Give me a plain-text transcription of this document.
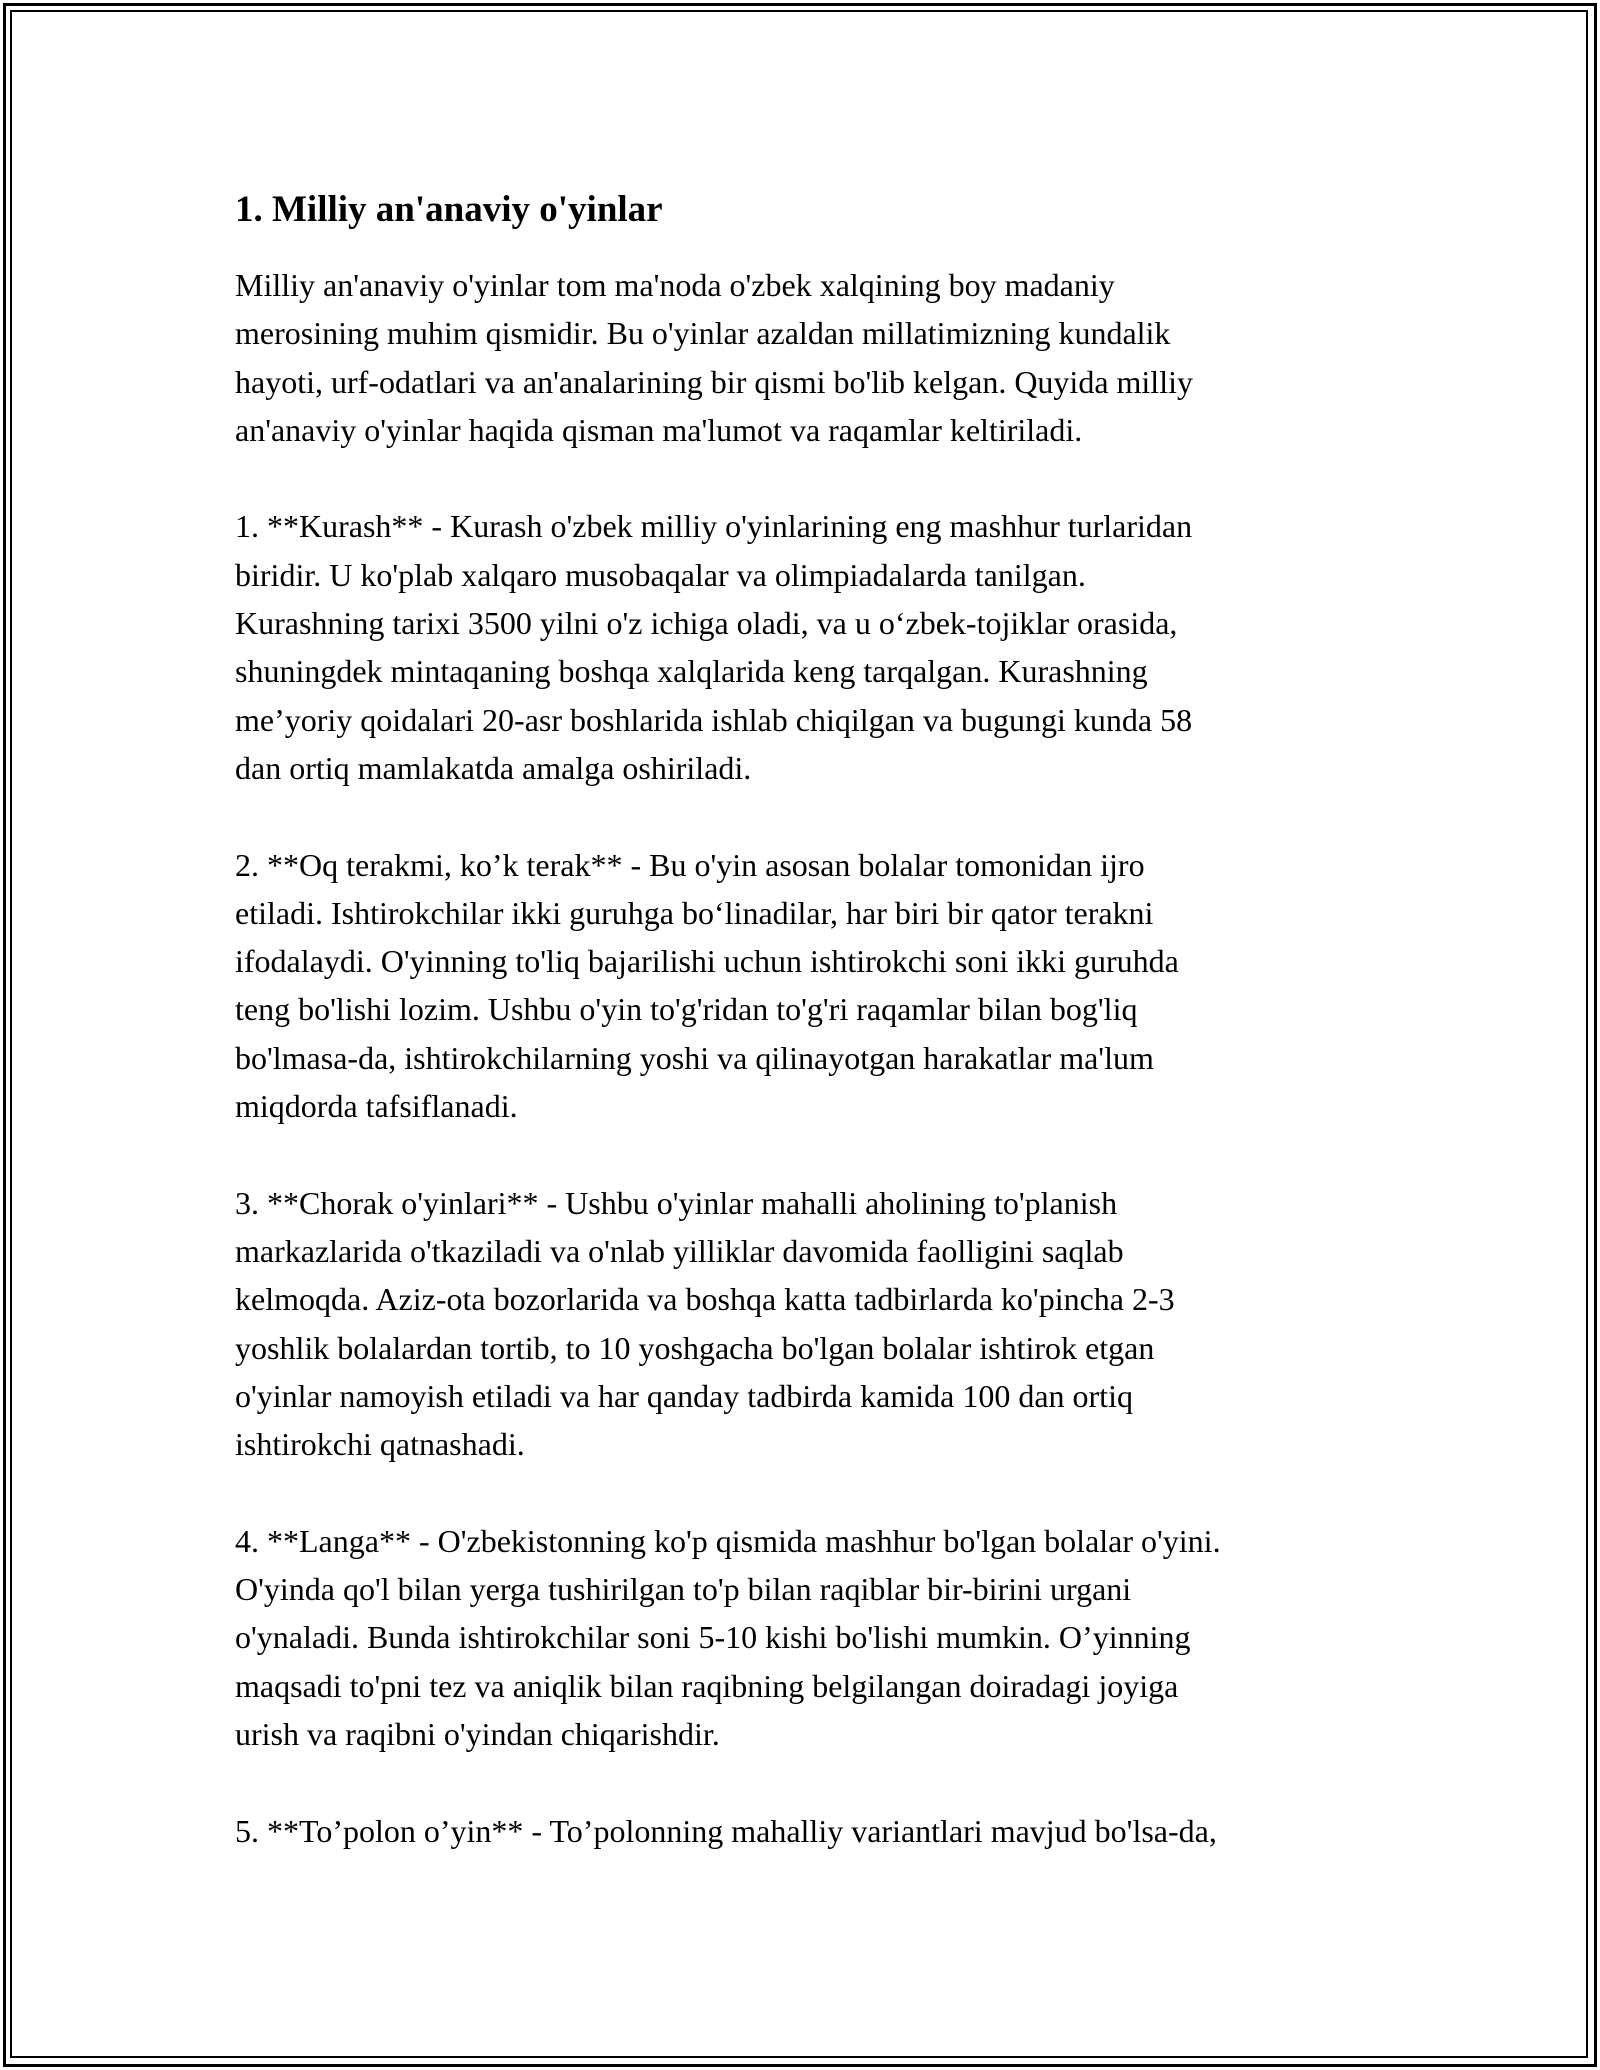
1. Milliy an'anaviy o'yinlar
Milliy an'anaviy o'yinlar tom ma'noda o'zbek xalqining boy madaniy
merosining muhim qismidir. Bu o'yinlar azaldan millatimizning kundalik
hayoti, urf-odatlari va an'analarining bir qismi bo'lib kelgan. Quyida milliy
an'anaviy o'yinlar haqida qisman ma'lumot va raqamlar keltiriladi.
1. **Kurash** - Kurash o'zbek milliy o'yinlarining eng mashhur turlaridan
biridir. U ko'plab xalqaro musobaqalar va olimpiadalarda tanilgan.
Kurashning tarixi 3500 yilni o'z ichiga oladi, va u o‘zbek-tojiklar orasida,
shuningdek mintaqaning boshqa xalqlarida keng tarqalgan. Kurashning
me’yoriy qoidalari 20-asr boshlarida ishlab chiqilgan va bugungi kunda 58
dan ortiq mamlakatda amalga oshiriladi.
2. **Oq terakmi, ko’k terak** - Bu o'yin asosan bolalar tomonidan ijro
etiladi. Ishtirokchilar ikki guruhga bo‘linadilar, har biri bir qator terakni
ifodalaydi. O'yinning to'liq bajarilishi uchun ishtirokchi soni ikki guruhda
teng bo'lishi lozim. Ushbu o'yin to'g'ridan to'g'ri raqamlar bilan bog'liq
bo'lmasa-da, ishtirokchilarning yoshi va qilinayotgan harakatlar ma'lum
miqdorda tafsiflanadi.
3. **Chorak o'yinlari** - Ushbu o'yinlar mahalli aholining to'planish
markazlarida o'tkaziladi va o'nlab yilliklar davomida faolligini saqlab
kelmoqda. Aziz-ota bozorlarida va boshqa katta tadbirlarda ko'pincha 2-3
yoshlik bolalardan tortib, to 10 yoshgacha bo'lgan bolalar ishtirok etgan
o'yinlar namoyish etiladi va har qanday tadbirda kamida 100 dan ortiq
ishtirokchi qatnashadi.
4. **Langa** - O'zbekistonning ko'p qismida mashhur bo'lgan bolalar o'yini.
O'yinda qo'l bilan yerga tushirilgan to'p bilan raqiblar bir-birini urgani
o'ynaladi. Bunda ishtirokchilar soni 5-10 kishi bo'lishi mumkin. O’yinning
maqsadi to'pni tez va aniqlik bilan raqibning belgilangan doiradagi joyiga
urish va raqibni o'yindan chiqarishdir.
5. **To’polon o’yin** - To’polonning mahalliy variantlari mavjud bo'lsa-da,
